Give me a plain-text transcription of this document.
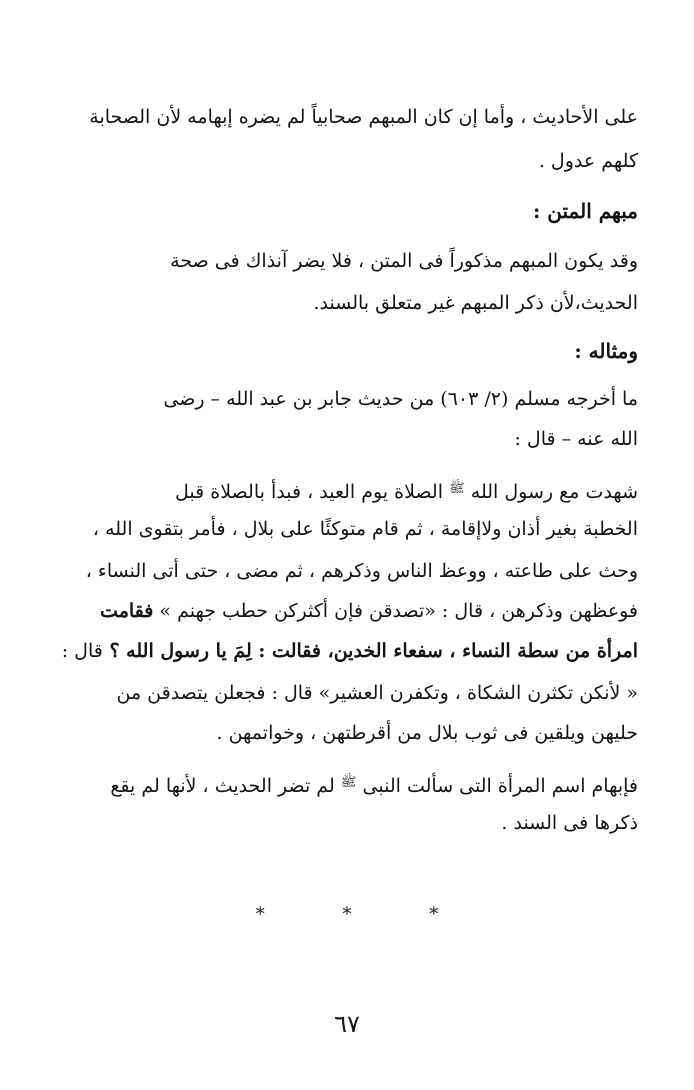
على الأحاديث ، وأما إن كان المبهم صحابياً لم يضره إبهامه لأن الصحابة
كلهم عدول .
مبهم المتن :
وقد يكون المبهم مذكوراً فى المتن ، فلا يضر آنذاك فى صحة
الحديث،لأن ذكر المبهم غير متعلق بالسند.
ومثاله :
ما أخرجه مسلم (٢/ ٦٠٣) من حديث جابر بن عبد الله – رضى
الله عنه – قال :
شهدت مع رسول الله $^ﷺ$ الصلاة يوم العيد ، فبدأ بالصلاة قبل
الخطبة بغير أذان ولاإقامة ، ثم قام متوكئًا على بلال ، فأمر بتقوى الله ،
وحث على طاعته ، ووعظ الناس وذكرهم ، ثم مضى ، حتى أتى النساء ،
فوعظهن وذكرهن ، قال : «تصدقن فإن أكثركن حطب جهنم » فقامت
امرأة من سطة النساء ، سفعاء الخدين، فقالت : لِمَ يا رسول الله ؟ قال :
« لأنكن تكثرن الشكاة ، وتكفرن العشير» قال : فجعلن يتصدقن من
حليهن ويلقين فى ثوب بلال من أقرطتهن ، وخواتمهن .
فإبهام اسم المرأة التى سألت النبى $^ﷺ$ لم تضر الحديث ، لأنها لم يقع
ذكرها فى السند .
* * *
٦٧
